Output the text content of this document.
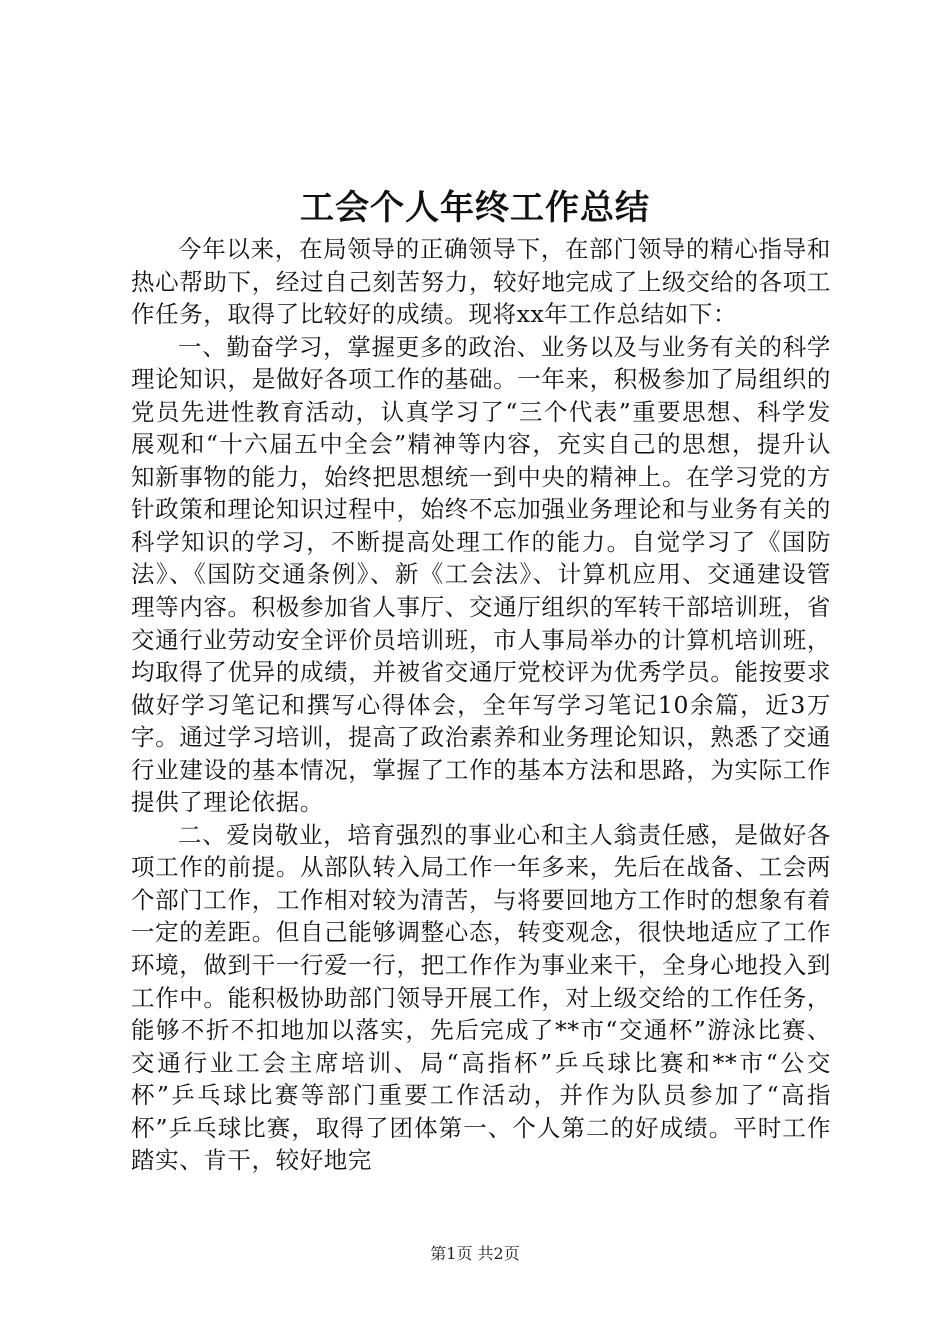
工会个人年终工作总结

今年以来，在局领导的正确领导下，在部门领导的精心指导和热心帮助下，经过自己刻苦努力，较好地完成了上级交给的各项工作任务，取得了比较好的成绩。现将xx年工作总结如下：

一、勤奋学习，掌握更多的政治、业务以及与业务有关的科学理论知识，是做好各项工作的基础。一年来，积极参加了局组织的党员先进性教育活动，认真学习了“三个代表”重要思想、科学发展观和“十六届五中全会”精神等内容，充实自己的思想，提升认知新事物的能力，始终把思想统一到中央的精神上。在学习党的方针政策和理论知识过程中，始终不忘加强业务理论和与业务有关的科学知识的学习，不断提高处理工作的能力。自觉学习了《国防法》、《国防交通条例》、新《工会法》、计算机应用、交通建设管理等内容。积极参加省人事厅、交通厅组织的军转干部培训班，省交通行业劳动安全评价员培训班，市人事局举办的计算机培训班，均取得了优异的成绩，并被省交通厅党校评为优秀学员。能按要求做好学习笔记和撰写心得体会，全年写学习笔记10余篇，近3万字。通过学习培训，提高了政治素养和业务理论知识，熟悉了交通行业建设的基本情况，掌握了工作的基本方法和思路，为实际工作提供了理论依据。

二、爱岗敬业，培育强烈的事业心和主人翁责任感，是做好各项工作的前提。从部队转入局工作一年多来，先后在战备、工会两个部门工作，工作相对较为清苦，与将要回地方工作时的想象有着一定的差距。但自己能够调整心态，转变观念，很快地适应了工作环境，做到干一行爱一行，把工作作为事业来干，全身心地投入到工作中。能积极协助部门领导开展工作，对上级交给的工作任务，能够不折不扣地加以落实，先后完成了**市“交通杯”游泳比赛、交通行业工会主席培训、局“高指杯”乒乓球比赛和**市“公交杯”乒乓球比赛等部门重要工作活动，并作为队员参加了“高指杯”乒乓球比赛，取得了团体第一、个人第二的好成绩。平时工作踏实、肯干，较好地完

第1页 共2页
